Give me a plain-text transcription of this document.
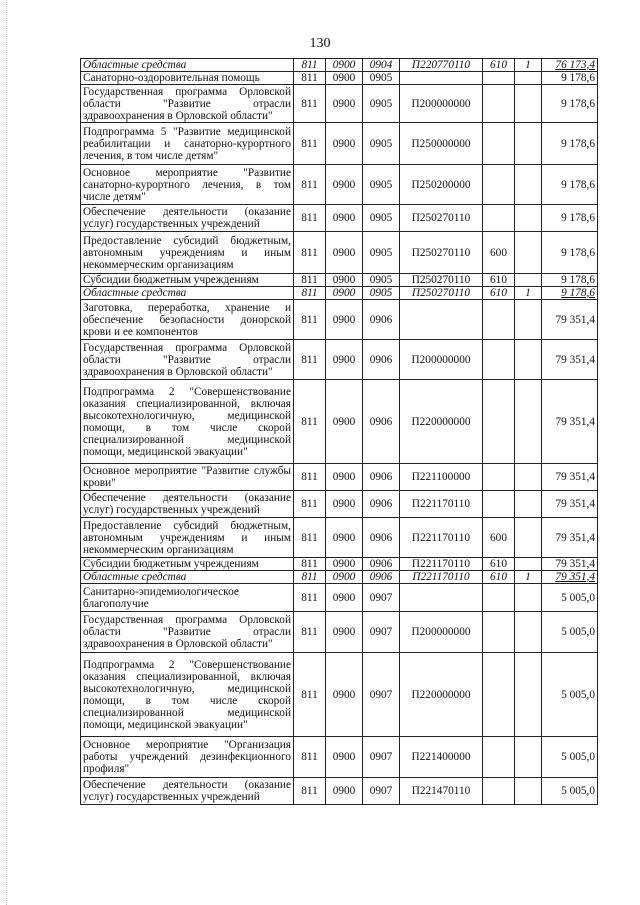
130
Областные средства	811	0900	0904	П220770110	610	1	76 173,4
Санаторно-оздоровительная помощь	811	0900	0905				9 178,6
Государственная программа Орловской области "Развитие отрасли здравоохранения в Орловской области"	811	0900	0905	П200000000			9 178,6
Подпрограмма 5 "Развитие медицинской реабилитации и санаторно-курортного лечения, в том числе детям"	811	0900	0905	П250000000			9 178,6
Основное мероприятие "Развитие санаторно-курортного лечения, в том числе детям"	811	0900	0905	П250200000			9 178,6
Обеспечение деятельности (оказание услуг) государственных учреждений	811	0900	0905	П250270110			9 178,6
Предоставление субсидий бюджетным, автономным учреждениям и иным некоммерческим организациям	811	0900	0905	П250270110	600		9 178,6
Субсидии бюджетным учреждениям	811	0900	0905	П250270110	610		9 178,6
Областные средства	811	0900	0905	П250270110	610	1	9 178,6
Заготовка, переработка, хранение и обеспечение безопасности донорской крови и ее компонентов	811	0900	0906				79 351,4
Государственная программа Орловской области "Развитие отрасли здравоохранения в Орловской области"	811	0900	0906	П200000000			79 351,4
Подпрограмма 2 "Совершенствование оказания специализированной, включая высокотехнологичную, медицинской помощи, в том числе скорой специализированной медицинской помощи, медицинской эвакуации"	811	0900	0906	П220000000			79 351,4
Основное мероприятие "Развитие службы крови"	811	0900	0906	П221100000			79 351,4
Обеспечение деятельности (оказание услуг) государственных учреждений	811	0900	0906	П221170110			79 351,4
Предоставление субсидий бюджетным, автономным учреждениям и иным некоммерческим организациям	811	0900	0906	П221170110	600		79 351,4
Субсидии бюджетным учреждениям	811	0900	0906	П221170110	610		79 351,4
Областные средства	811	0900	0906	П221170110	610	1	79 351,4
Санитарно-эпидемиологическое благополучие	811	0900	0907				5 005,0
Государственная программа Орловской области "Развитие отрасли здравоохранения в Орловской области"	811	0900	0907	П200000000			5 005,0
Подпрограмма 2 "Совершенствование оказания специализированной, включая высокотехнологичную, медицинской помощи, в том числе скорой специализированной медицинской помощи, медицинской эвакуации"	811	0900	0907	П220000000			5 005,0
Основное мероприятие "Организация работы учреждений дезинфекционного профиля"	811	0900	0907	П221400000			5 005,0
Обеспечение деятельности (оказание услуг) государственных учреждений	811	0900	0907	П221470110			5 005,0
